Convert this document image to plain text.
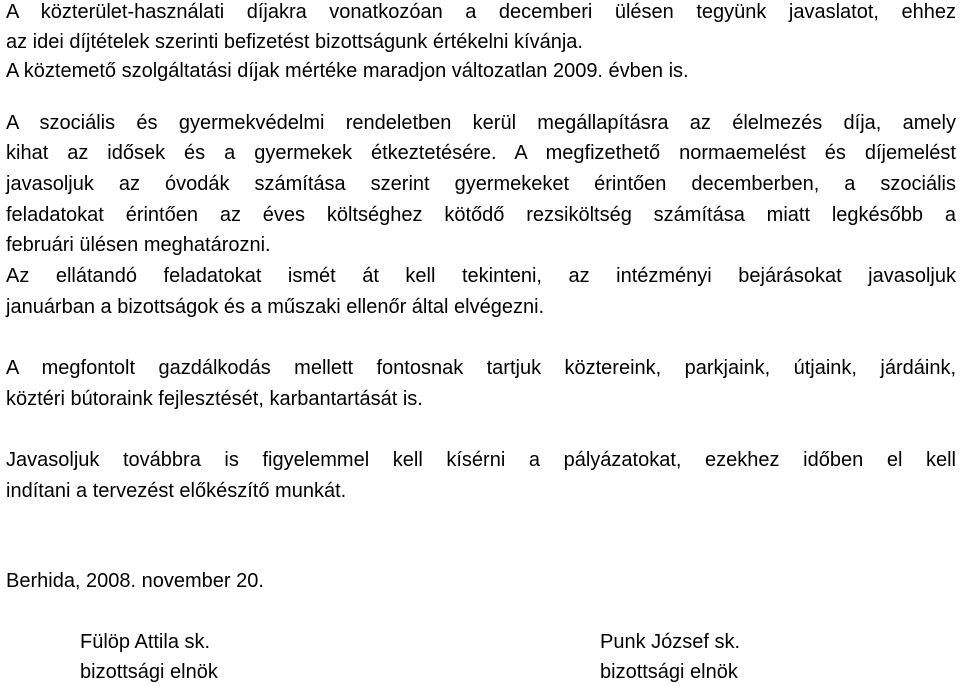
A közterület-használati díjakra vonatkozóan a decemberi ülésen tegyünk javaslatot, ehhez
az idei díjtételek szerinti befizetést bizottságunk értékelni kívánja.
A köztemető szolgáltatási díjak mértéke maradjon változatlan 2009. évben is.
A szociális és gyermekvédelmi rendeletben kerül megállapításra az élelmezés díja, amely
kihat az idősek és a gyermekek étkeztetésére. A megfizethető normaemelést és díjemelést
javasoljuk az óvodák számítása szerint gyermekeket érintően decemberben, a szociális
feladatokat érintően az éves költséghez kötődő rezsiköltség számítása miatt legkésőbb a
februári ülésen meghatározni.
Az ellátandó feladatokat ismét át kell tekinteni, az intézményi bejárásokat javasoljuk
januárban a bizottságok és a műszaki ellenőr által elvégezni.
A megfontolt gazdálkodás mellett fontosnak tartjuk köztereink, parkjaink, útjaink, járdáink,
köztéri bútoraink fejlesztését, karbantartását is.
Javasoljuk továbbra is figyelemmel kell kísérni a pályázatokat, ezekhez időben el kell
indítani a tervezést előkészítő munkát.
Berhida, 2008. november 20.
Fülöp Attila sk.
bizottsági elnök
Punk József sk.
bizottsági elnök
